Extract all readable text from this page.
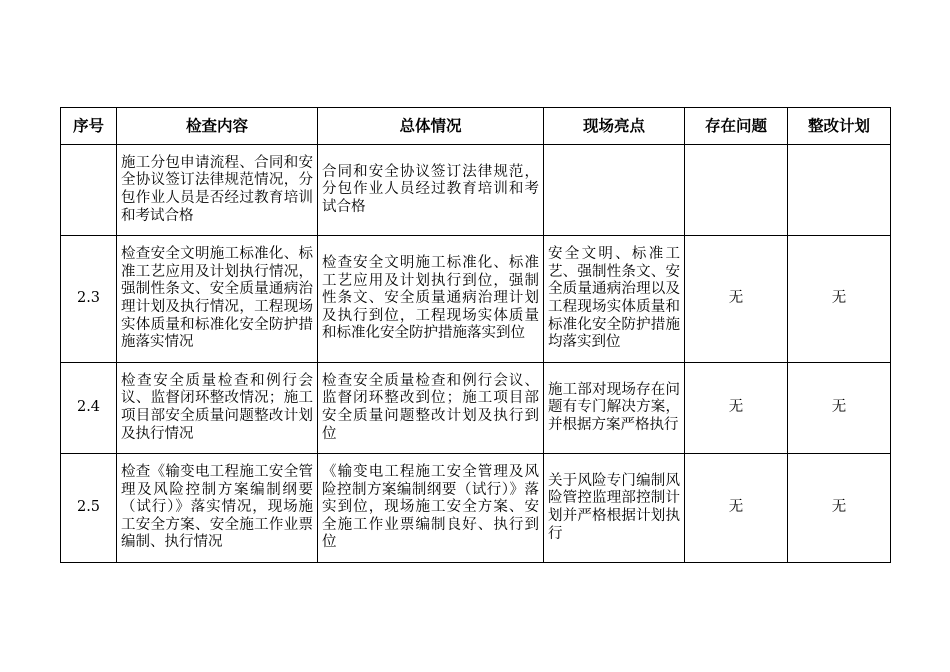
序号	检查内容	总体情况	现场亮点	存在问题	整改计划
	施工分包申请流程、合同和安全协议签订法律规范情况，分包作业人员是否经过教育培训和考试合格	合同和安全协议签订法律规范，分包作业人员经过教育培训和考试合格			
2.3	检查安全文明施工标准化、标准工艺应用及计划执行情况，强制性条文、安全质量通病治理计划及执行情况，工程现场实体质量和标准化安全防护措施落实情况	检查安全文明施工标准化、标准工艺应用及计划执行到位，强制性条文、安全质量通病治理计划及执行到位，工程现场实体质量和标准化安全防护措施落实到位	安全文明、标准工艺、强制性条文、安全质量通病治理以及工程现场实体质量和标准化安全防护措施均落实到位	无	无
2.4	检查安全质量检查和例行会议、监督闭环整改情况；施工项目部安全质量问题整改计划及执行情况	检查安全质量检查和例行会议、监督闭环整改到位；施工项目部安全质量问题整改计划及执行到位	施工部对现场存在问题有专门解决方案，并根据方案严格执行	无	无
2.5	检查《输变电工程施工安全管理及风险控制方案编制纲要（试行）》落实情况，现场施工安全方案、安全施工作业票编制、执行情况	《输变电工程施工安全管理及风险控制方案编制纲要（试行）》落实到位，现场施工安全方案、安全施工作业票编制良好、执行到位	关于风险专门编制风险管控监理部控制计划并严格根据计划执行	无	无
